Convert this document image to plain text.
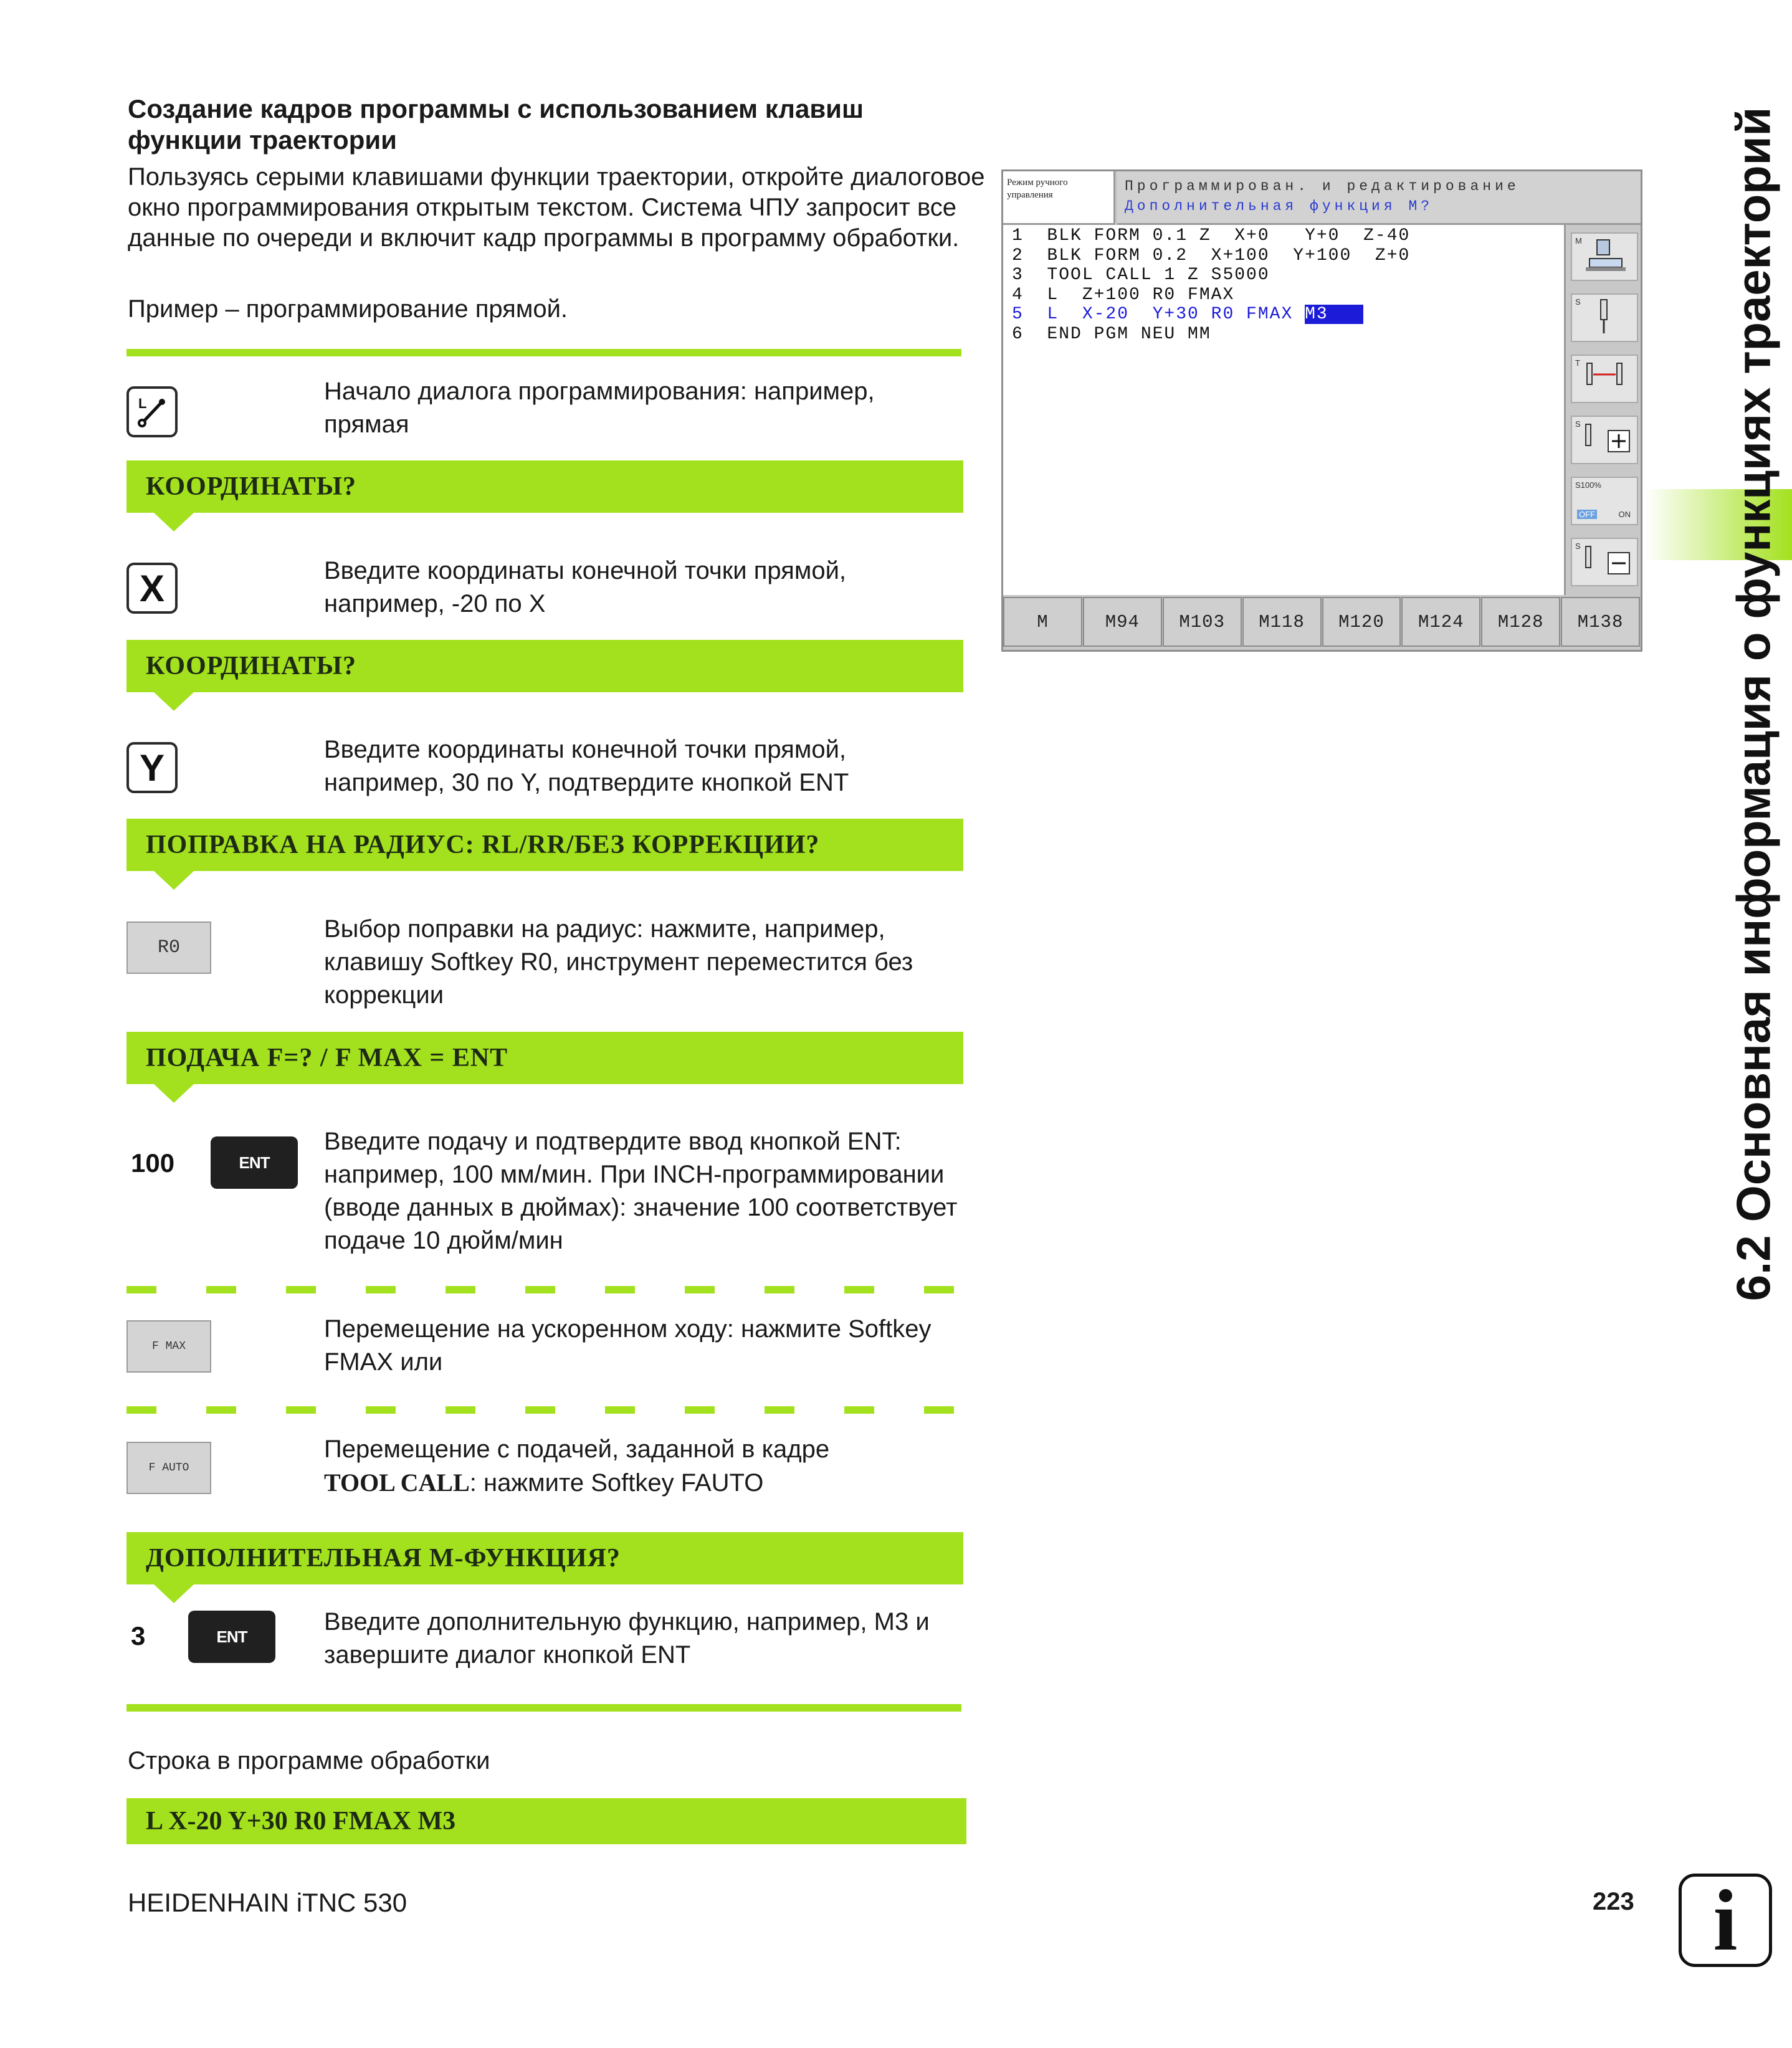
Создание кадров программы с использованием клавиш функции траектории
Пользуясь серыми клавишами функции траектории, откройте диалоговое окно программирования открытым текстом. Система ЧПУ запросит все данные по очереди и включит кадр программы в программу обработки.
Пример – программирование прямой.
L	Начало диалога программирования: например, прямая
КООРДИНАТЫ?
X	Введите координаты конечной точки прямой, например, -20 по X
КООРДИНАТЫ?
Y	Введите координаты конечной точки прямой, например, 30 по Y, подтвердите кнопкой ENT
ПОПРАВКА НА РАДИУС: RL/RR/БЕЗ КОРРЕКЦИИ?
R0
Выбор поправки на радиус: нажмите, например, клавишу Softkey R0, инструмент переместится без коррекции
ПОДАЧА F=? / F MAX = ENT
100	ENT
Введите подачу и подтвердите ввод кнопкой ENT: например, 100 мм/мин. При INCH-программировании (вводе данных в дюймах): значение 100 соответствует подаче 10 дюйм/мин
F MAX
Перемещение на ускоренном ходу: нажмите Softkey FMAX или
F AUTO
Перемещение с подачей, заданной в кадре
TOOL CALL: нажмите Softkey FAUTO
ДОПОЛНИТЕЛЬНАЯ М-ФУНКЦИЯ?
3	ENT
Введите дополнительную функцию, например, M3 и завершите диалог кнопкой ENT
Строка в программе обработки
L X-20 Y+30 R0 FMAX M3
Режим ручного управления
Программирован. и редактирование
Дополнительная функция M?
1  BLK FORM 0.1 Z  X+0   Y+0  Z-40
2  BLK FORM 0.2  X+100  Y+100  Z+0
3  TOOL CALL 1 Z S5000
4  L  Z+100 R0 FMAX
5  L  X-20  Y+30 R0 FMAX M3
6  END PGM NEU MM
M
S
T
S
S100%
OFF	ON
S
M	M94	M103	M118	M120	M124	M128	M138	6.2 Основная информация о функциях траекторий
HEIDENHAIN iTNC 530	223 i
